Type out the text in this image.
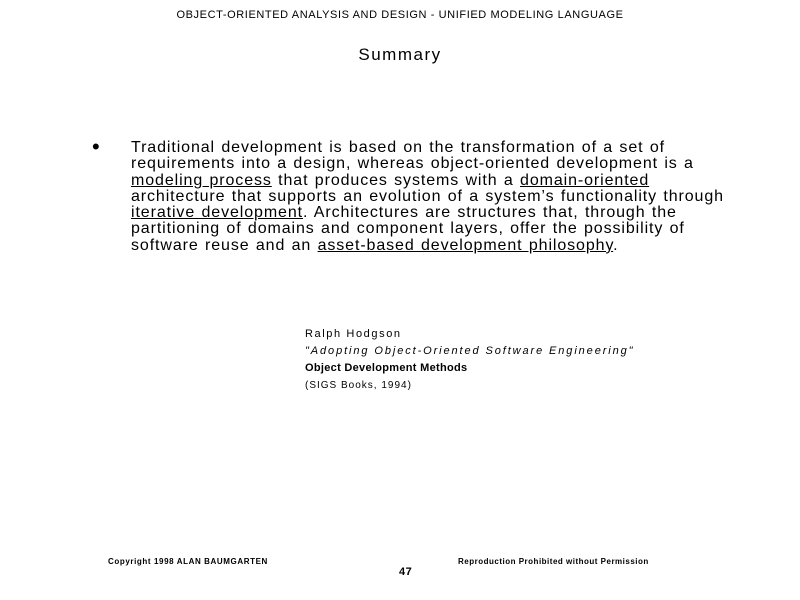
OBJECT-ORIENTED ANALYSIS AND DESIGN - UNIFIED MODELING LANGUAGE
Summary
• Traditional development is based on the transformation of a set of requirements into a design, whereas object-oriented development is a modeling process that produces systems with a domain-oriented architecture that supports an evolution of a system’s functionality through iterative development. Architectures are structures that, through the partitioning of domains and component layers, offer the possibility of software reuse and an asset-based development philosophy.
Ralph Hodgson
"Adopting Object-Oriented Software Engineering"
Object Development Methods
(SIGS Books, 1994)
Copyright 1998 ALAN BAUMGARTEN	Reproduction Prohibited without Permission
47
